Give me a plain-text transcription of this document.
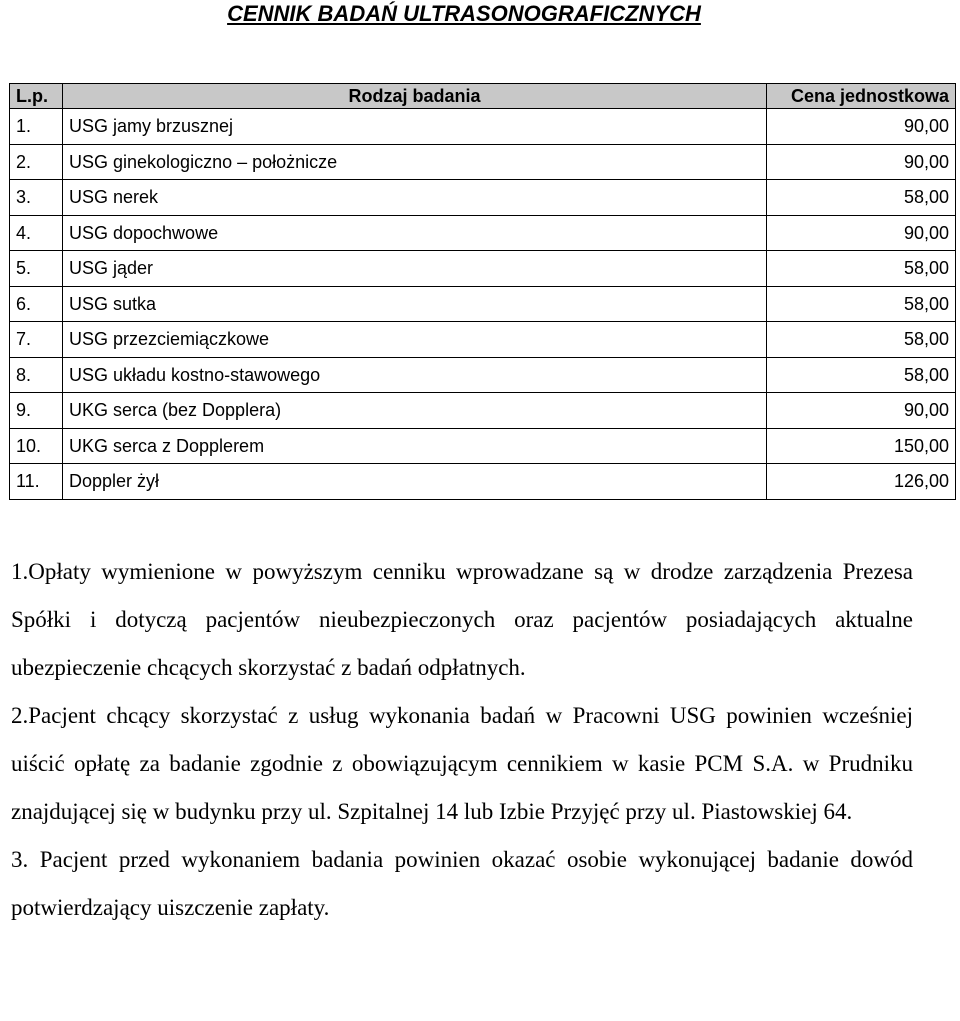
CENNIK BADAŃ ULTRASONOGRAFICZNYCH
L.p.	Rodzaj badania	Cena jednostkowa
1.	USG jamy brzusznej	90,00
2.	USG ginekologiczno – położnicze	90,00
3.	USG nerek	58,00
4.	USG dopochwowe	90,00
5.	USG jąder	58,00
6.	USG sutka	58,00
7.	USG przezciemiączkowe	58,00
8.	USG układu kostno-stawowego	58,00
9.	UKG serca (bez Dopplera)	90,00
10.	UKG serca z Dopplerem	150,00
11.	Doppler żył	126,00

1.Opłaty wymienione w powyższym cenniku wprowadzane są w drodze zarządzenia Prezesa Spółki i dotyczą pacjentów nieubezpieczonych oraz pacjentów posiadających aktualne ubezpieczenie chcących skorzystać z badań odpłatnych.

2.Pacjent chcący skorzystać z usług wykonania badań w Pracowni USG powinien wcześniej uiścić opłatę za badanie zgodnie z obowiązującym cennikiem w kasie PCM S.A. w Prudniku znajdującej się w budynku przy ul. Szpitalnej 14 lub Izbie Przyjęć przy ul. Piastowskiej 64.

3. Pacjent przed wykonaniem badania powinien okazać osobie wykonującej badanie dowód potwierdzający uiszczenie zapłaty.
